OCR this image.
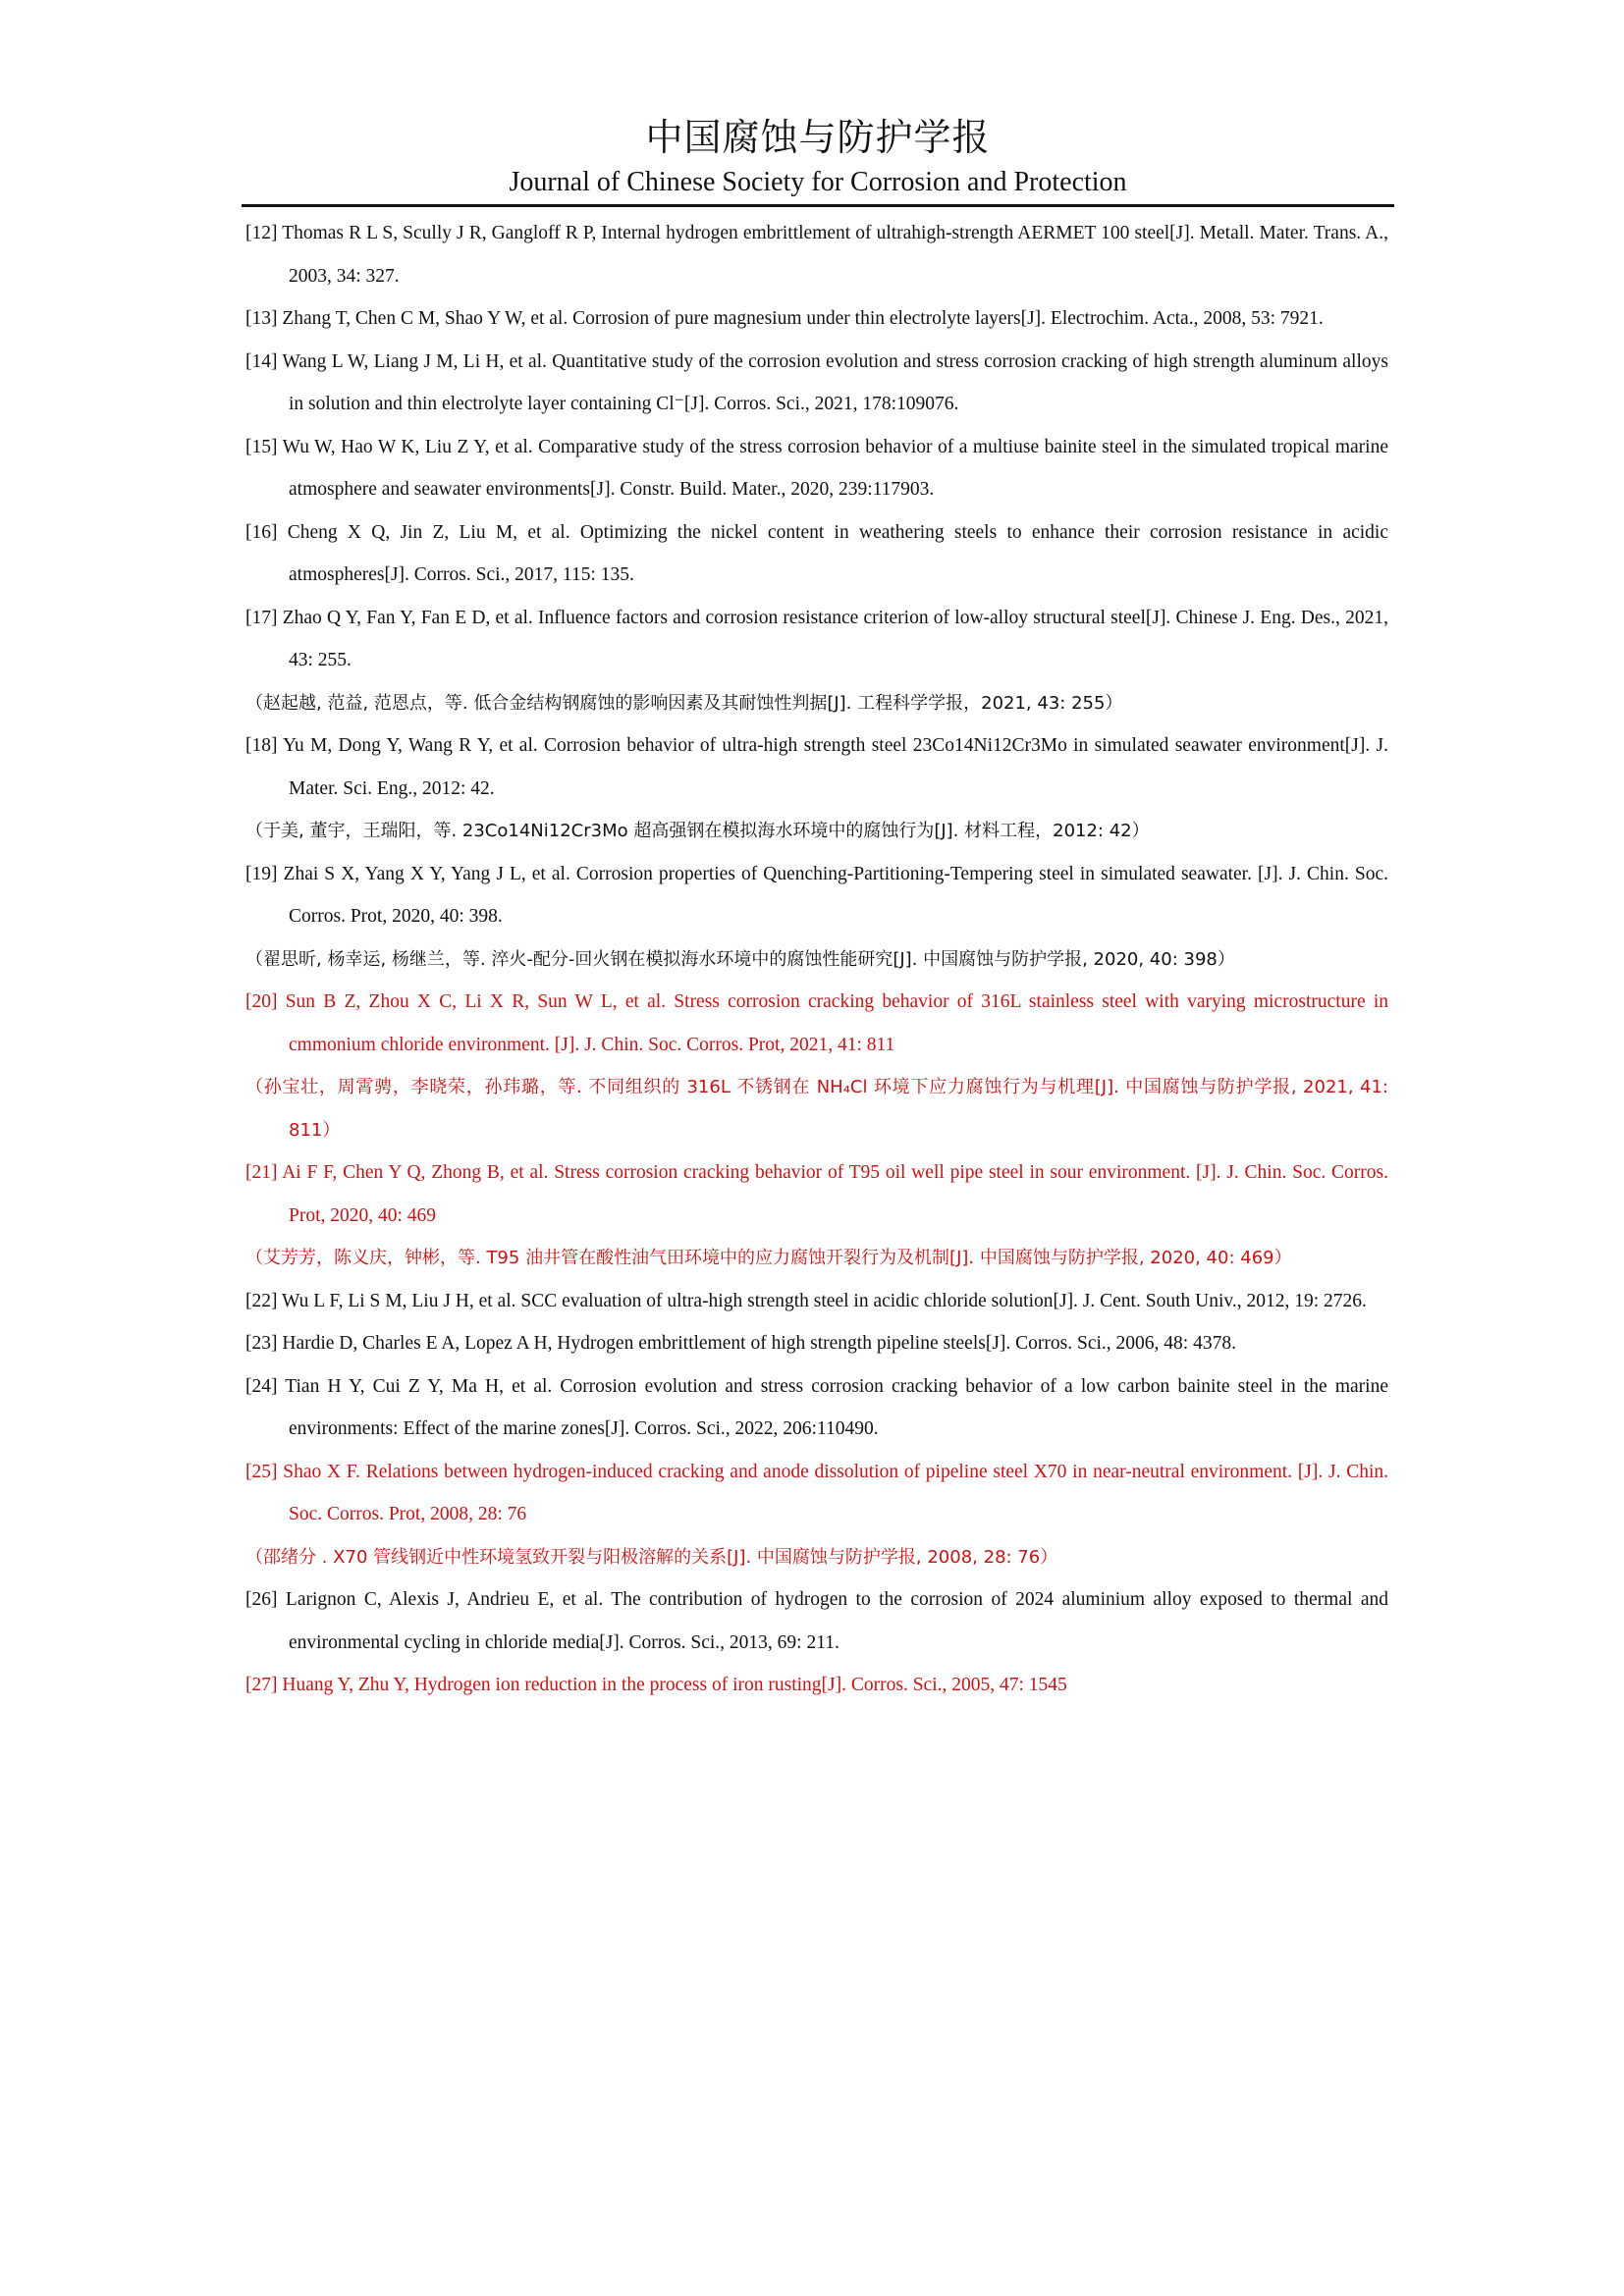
中国腐蚀与防护学报
Journal of Chinese Society for Corrosion and Protection

[12] Thomas R L S, Scully J R, Gangloff R P, Internal hydrogen embrittlement of ultrahigh-strength AERMET 100 steel[J]. Metall. Mater. Trans. A., 2003, 34: 327.

[13] Zhang T, Chen C M, Shao Y W, et al. Corrosion of pure magnesium under thin electrolyte layers[J]. Electrochim. Acta., 2008, 53: 7921.

[14] Wang L W, Liang J M, Li H, et al. Quantitative study of the corrosion evolution and stress corrosion cracking of high strength aluminum alloys in solution and thin electrolyte layer containing Cl⁻[J]. Corros. Sci., 2021, 178:109076.

[15] Wu W, Hao W K, Liu Z Y, et al. Comparative study of the stress corrosion behavior of a multiuse bainite steel in the simulated tropical marine atmosphere and seawater environments[J]. Constr. Build. Mater., 2020, 239:117903.

[16] Cheng X Q, Jin Z, Liu M, et al. Optimizing the nickel content in weathering steels to enhance their corrosion resistance in acidic atmospheres[J]. Corros. Sci., 2017, 115: 135.

[17] Zhao Q Y, Fan Y, Fan E D, et al. Influence factors and corrosion resistance criterion of low-alloy structural steel[J]. Chinese J. Eng. Des., 2021, 43: 255.

（赵起越, 范益, 范恩点，等. 低合金结构钢腐蚀的影响因素及其耐蚀性判据[J]. 工程科学学报，2021, 43: 255）

[18] Yu M, Dong Y, Wang R Y, et al. Corrosion behavior of ultra-high strength steel 23Co14Ni12Cr3Mo in simulated seawater environment[J]. J. Mater. Sci. Eng., 2012: 42.

（于美, 董宇，王瑞阳，等. 23Co14Ni12Cr3Mo 超高强钢在模拟海水环境中的腐蚀行为[J]. 材料工程，2012: 42）

[19] Zhai S X, Yang X Y, Yang J L, et al. Corrosion properties of Quenching-Partitioning-Tempering steel in simulated seawater. [J]. J. Chin. Soc. Corros. Prot, 2020, 40: 398.

（翟思昕, 杨幸运, 杨继兰，等. 淬火-配分-回火钢在模拟海水环境中的腐蚀性能研究[J]. 中国腐蚀与防护学报, 2020, 40: 398）

[20] Sun B Z, Zhou X C, Li X R, Sun W L, et al. Stress corrosion cracking behavior of 316L stainless steel with varying microstructure in cmmonium chloride environment. [J]. J. Chin. Soc. Corros. Prot, 2021, 41: 811

（孙宝壮，周霄骋，李晓荣，孙玮璐，等. 不同组织的 316L 不锈钢在 NH₄Cl 环境下应力腐蚀行为与机理[J]. 中国腐蚀与防护学报, 2021, 41: 811）

[21] Ai F F, Chen Y Q, Zhong B, et al. Stress corrosion cracking behavior of T95 oil well pipe steel in sour environment. [J]. J. Chin. Soc. Corros. Prot, 2020, 40: 469

（艾芳芳，陈义庆，钟彬，等. T95 油井管在酸性油气田环境中的应力腐蚀开裂行为及机制[J]. 中国腐蚀与防护学报, 2020, 40: 469）

[22] Wu L F, Li S M, Liu J H, et al. SCC evaluation of ultra-high strength steel in acidic chloride solution[J]. J. Cent. South Univ., 2012, 19: 2726.

[23] Hardie D, Charles E A, Lopez A H, Hydrogen embrittlement of high strength pipeline steels[J]. Corros. Sci., 2006, 48: 4378.

[24] Tian H Y, Cui Z Y, Ma H, et al. Corrosion evolution and stress corrosion cracking behavior of a low carbon bainite steel in the marine environments: Effect of the marine zones[J]. Corros. Sci., 2022, 206:110490.

[25] Shao X F. Relations between hydrogen-induced cracking and anode dissolution of pipeline steel X70 in near-neutral environment. [J]. J. Chin. Soc. Corros. Prot, 2008, 28: 76

（邵绪分 . X70 管线钢近中性环境氢致开裂与阳极溶解的关系[J]. 中国腐蚀与防护学报, 2008, 28: 76）

[26] Larignon C, Alexis J, Andrieu E, et al. The contribution of hydrogen to the corrosion of 2024 aluminium alloy exposed to thermal and environmental cycling in chloride media[J]. Corros. Sci., 2013, 69: 211.

[27] Huang Y, Zhu Y, Hydrogen ion reduction in the process of iron rusting[J]. Corros. Sci., 2005, 47: 1545
